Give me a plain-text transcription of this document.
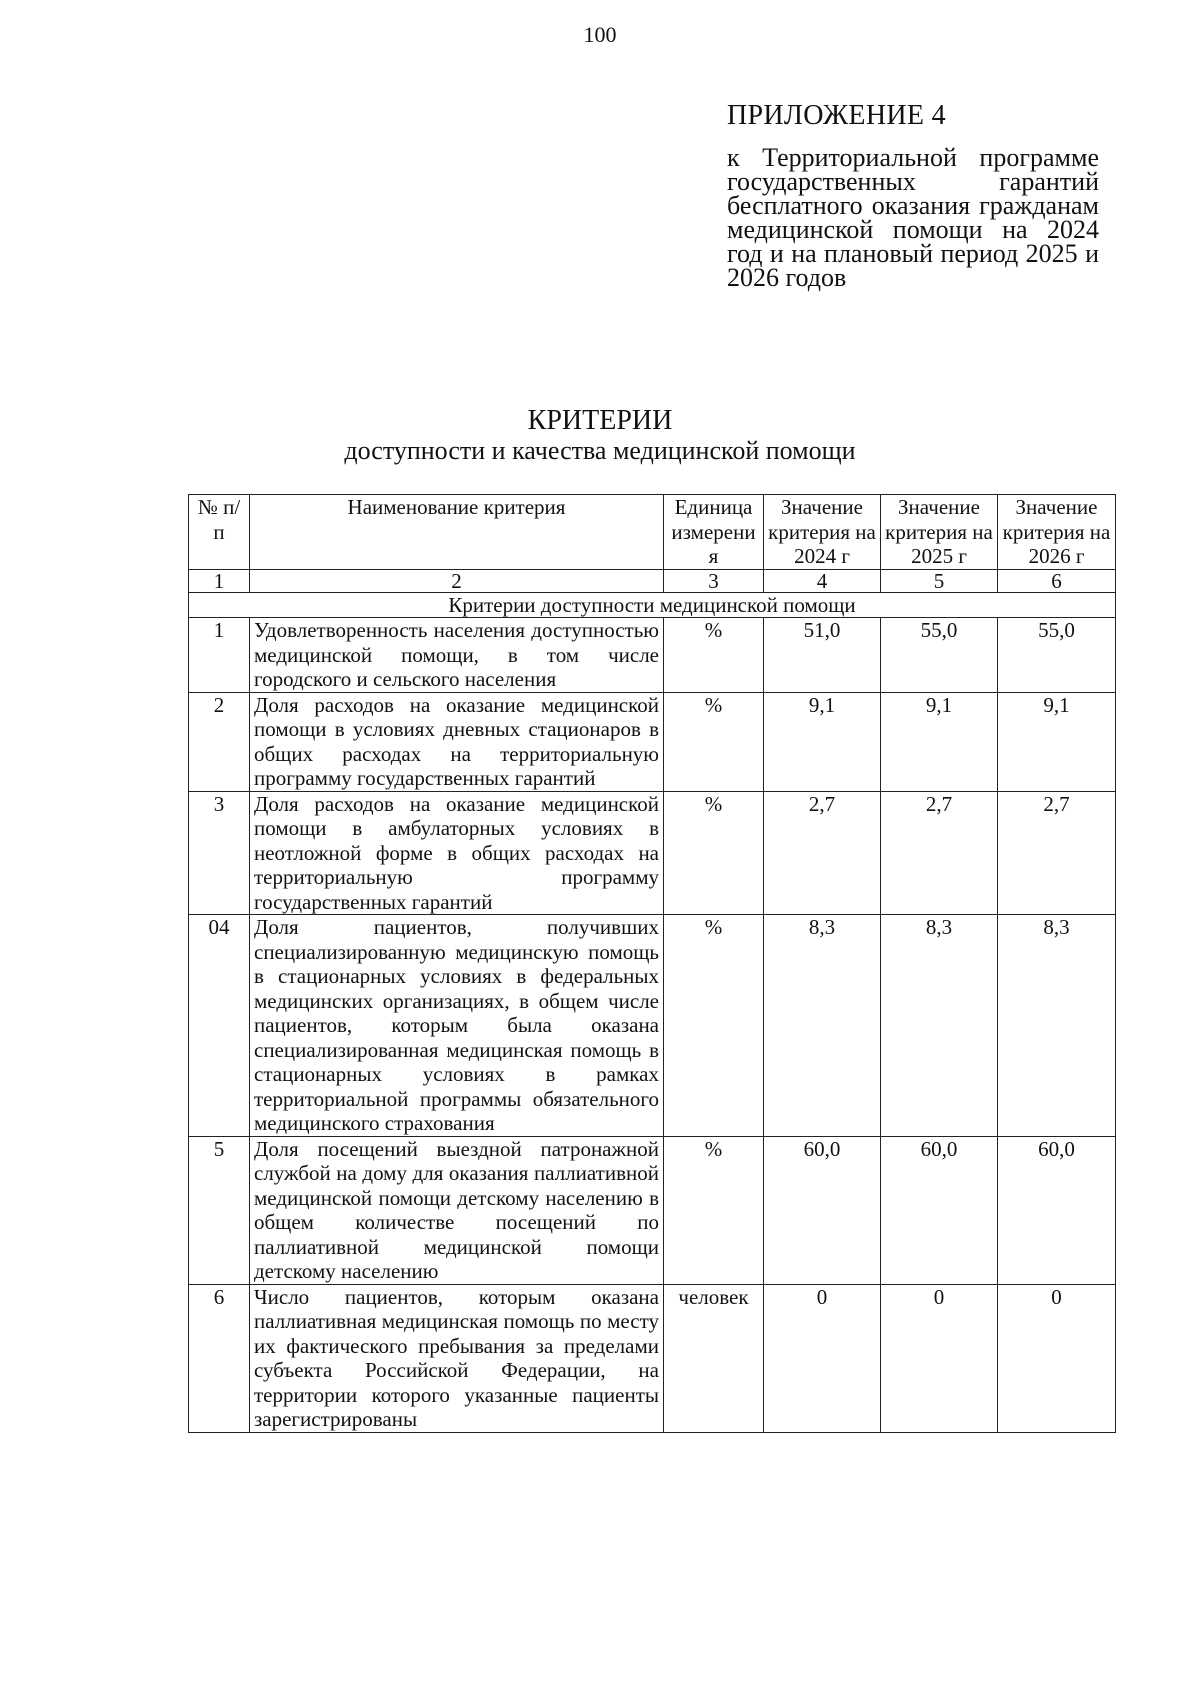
100
ПРИЛОЖЕНИЕ 4

к Территориальной программе государственных гарантий бесплатного оказания гражданам медицинской помощи на 2024 год и на плановый период 2025 и 2026 годов

КРИТЕРИИ
доступности и качества медицинской помощи
№ п/п	Наименование критерия	Единица измерения	Значение критерия на 2024 г	Значение критерия на 2025 г	Значение критерия на 2026 г
1	2	3	4	5	6
Критерии доступности медицинской помощи					
1	Удовлетворенность населения доступностью медицинской помощи, в том числе городского и сельского населения	%	51,0	55,0	55,0
2	Доля расходов на оказание медицинской помощи в условиях дневных стационаров в общих расходах на территориальную программу государственных гарантий	%	9,1	9,1	9,1
3	Доля расходов на оказание медицинской помощи в амбулаторных условиях в неотложной форме в общих расходах на территориальную программу государственных гарантий	%	2,7	2,7	2,7
04	Доля пациентов, получивших специализированную медицинскую помощь в стационарных условиях в федеральных медицинских организациях, в общем числе пациентов, которым была оказана специализированная медицинская помощь в стационарных условиях в рамках территориальной программы обязательного медицинского страхования	%	8,3	8,3	8,3
5	Доля посещений выездной патронажной службой на дому для оказания паллиативной медицинской помощи детскому населению в общем количестве посещений по паллиативной медицинской помощи детскому населению	%	60,0	60,0	60,0
6	Число пациентов, которым оказана паллиативная медицинская помощь по месту их фактического пребывания за пределами субъекта Российской Федерации, на территории которого указанные пациенты зарегистрированы	человек	0	0	0
